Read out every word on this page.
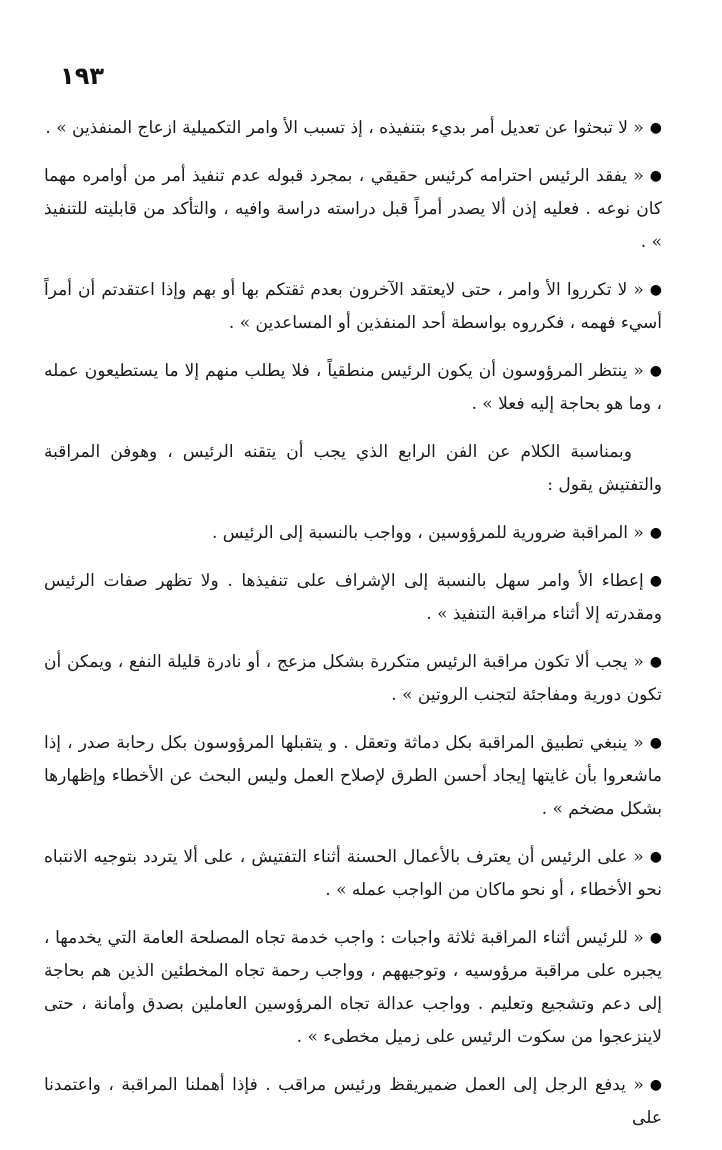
١٩٣

●« لا تبحثوا عن تعديل أمر بديء بتنفيذه ، إذ تسبب الأ وامر التكميلية ازعاج المنفذين » .

●« يفقد الرئيس احترامه كرئيس حقيقي ، بمجرد قبوله عدم تنفيذ أمر من أوامره مهما كان نوعه . فعليه إذن ألا يصدر أمراً قبل دراسته دراسة وافيه ، والتأكد من قابليته للتنفيذ » .

●« لا تكرروا الأ وامر ، حتى لايعتقد الآخرون بعدم ثقتكم بها أو بهم وإذا اعتقدتم أن أمراً أسيء فهمه ، فكرروه بواسطة أحد المنفذين أو المساعدين » .

●« ينتظر المرؤوسون أن يكون الرئيس منطقياً ، فلا يطلب منهم إلا ما يستطيعون عمله ، وما هو بحاجة إليه فعلا » .

وبمناسبة الكلام عن الفن الرابع الذي يجب أن يتقنه الرئيس ، وهوفن المراقبة والتفتيش يقول :

●« المراقبة ضرورية للمرؤوسين ، وواجب بالنسبة إلى الرئيس .

●إعطاء الأ وامر سهل بالنسبة إلى الإشراف على تنفيذها . ولا تظهر صفات الرئيس ومقدرته إلا أثناء مراقبة التنفيذ » .

●« يجب ألا تكون مراقبة الرئيس متكررة بشكل مزعج ، أو نادرة قليلة النفع ، ويمكن أن تكون دورية ومفاجئة لتجنب الروتين » .

●« ينبغي تطبيق المراقبة بكل دماثة وتعقل . و يتقبلها المرؤوسون بكل رحابة صدر ، إذا ماشعروا بأن غايتها إيجاد أحسن الطرق لإصلاح العمل وليس البحث عن الأخطاء وإظهارها بشكل مضخم » .

●« على الرئيس أن يعترف بالأعمال الحسنة أثناء التفتيش ، على ألا يتردد بتوجيه الانتباه نحو الأخطاء ، أو نحو ماكان من الواجب عمله » .

●« للرئيس أثناء المراقبة ثلاثة واجبات : واجب خدمة تجاه المصلحة العامة التي يخدمها ، يجبره على مراقبة مرؤوسيه ، وتوجيههم ، وواجب رحمة تجاه المخطئين الذين هم بحاجة إلى دعم وتشجيع وتعليم . وواجب عدالة تجاه المرؤوسين العاملين بصدق وأمانة ، حتى لاينزعجوا من سكوت الرئيس على زميل مخطىء » .

●« يدفع الرجل إلى العمل ضميريقظ ورئيس مراقب . فإذا أهملنا المراقبة ، واعتمدنا على
